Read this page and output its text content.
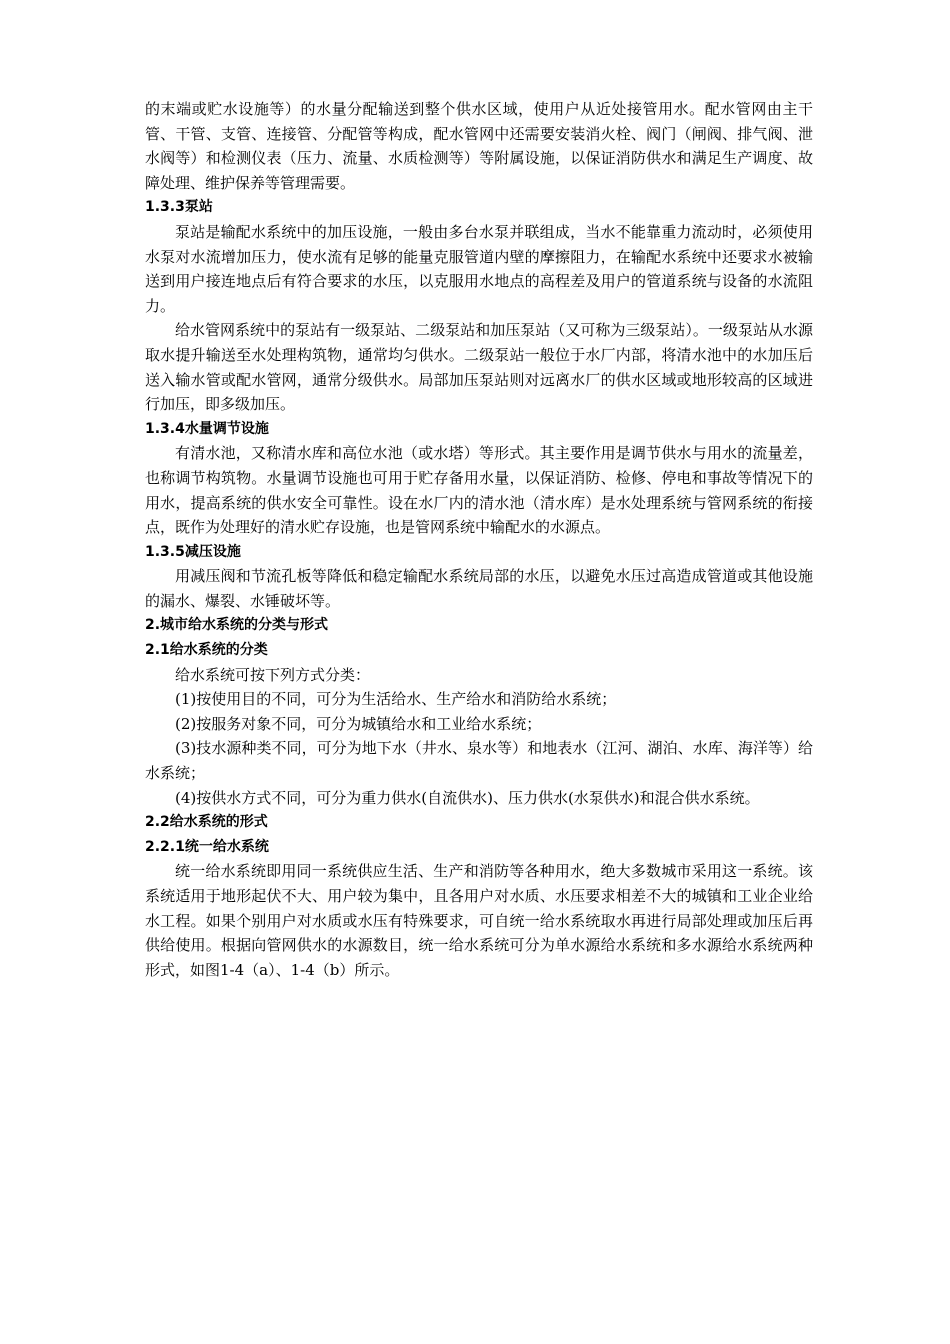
的末端或贮水设施等）的水量分配输送到整个供水区域，使用户从近处接管用水。配水管网由主干管、干管、支管、连接管、分配管等构成，配水管网中还需要安装消火栓、阀门（闸阀、排气阀、泄水阀等）和检测仪表（压力、流量、水质检测等）等附属设施，以保证消防供水和满足生产调度、故障处理、维护保养等管理需要。

1.3.3泵站

泵站是输配水系统中的加压设施，一般由多台水泵并联组成，当水不能靠重力流动时，必须使用水泵对水流增加压力，使水流有足够的能量克服管道内壁的摩擦阻力，在输配水系统中还要求水被输送到用户接连地点后有符合要求的水压，以克服用水地点的高程差及用户的管道系统与设备的水流阻力。

给水管网系统中的泵站有一级泵站、二级泵站和加压泵站（又可称为三级泵站）。一级泵站从水源取水提升输送至水处理构筑物，通常均匀供水。二级泵站一般位于水厂内部，将清水池中的水加压后送入输水管或配水管网，通常分级供水。局部加压泵站则对远离水厂的供水区域或地形较高的区域进行加压，即多级加压。

1.3.4水量调节设施

有清水池，又称清水库和高位水池（或水塔）等形式。其主要作用是调节供水与用水的流量差，也称调节构筑物。水量调节设施也可用于贮存备用水量，以保证消防、检修、停电和事故等情况下的用水，提高系统的供水安全可靠性。设在水厂内的清水池（清水库）是水处理系统与管网系统的衔接点，既作为处理好的清水贮存设施，也是管网系统中输配水的水源点。

1.3.5减压设施

用减压阀和节流孔板等降低和稳定输配水系统局部的水压，以避免水压过高造成管道或其他设施的漏水、爆裂、水锤破坏等。

2.城市给水系统的分类与形式

2.1给水系统的分类

给水系统可按下列方式分类：

(1)按使用目的不同，可分为生活给水、生产给水和消防给水系统；

(2)按服务对象不同，可分为城镇给水和工业给水系统；

(3)技水源种类不同，可分为地下水（井水、泉水等）和地表水（江河、湖泊、水库、海洋等）给水系统；

(4)按供水方式不同，可分为重力供水(自流供水)、压力供水(水泵供水)和混合供水系统。

2.2给水系统的形式

2.2.1统一给水系统

统一给水系统即用同一系统供应生活、生产和消防等各种用水，绝大多数城市采用这一系统。该系统适用于地形起伏不大、用户较为集中，且各用户对水质、水压要求相差不大的城镇和工业企业给水工程。如果个别用户对水质或水压有特殊要求，可自统一给水系统取水再进行局部处理或加压后再供给使用。根据向管网供水的水源数目，统一给水系统可分为单水源给水系统和多水源给水系统两种形式，如图1-4（a）、1-4（b）所示。
